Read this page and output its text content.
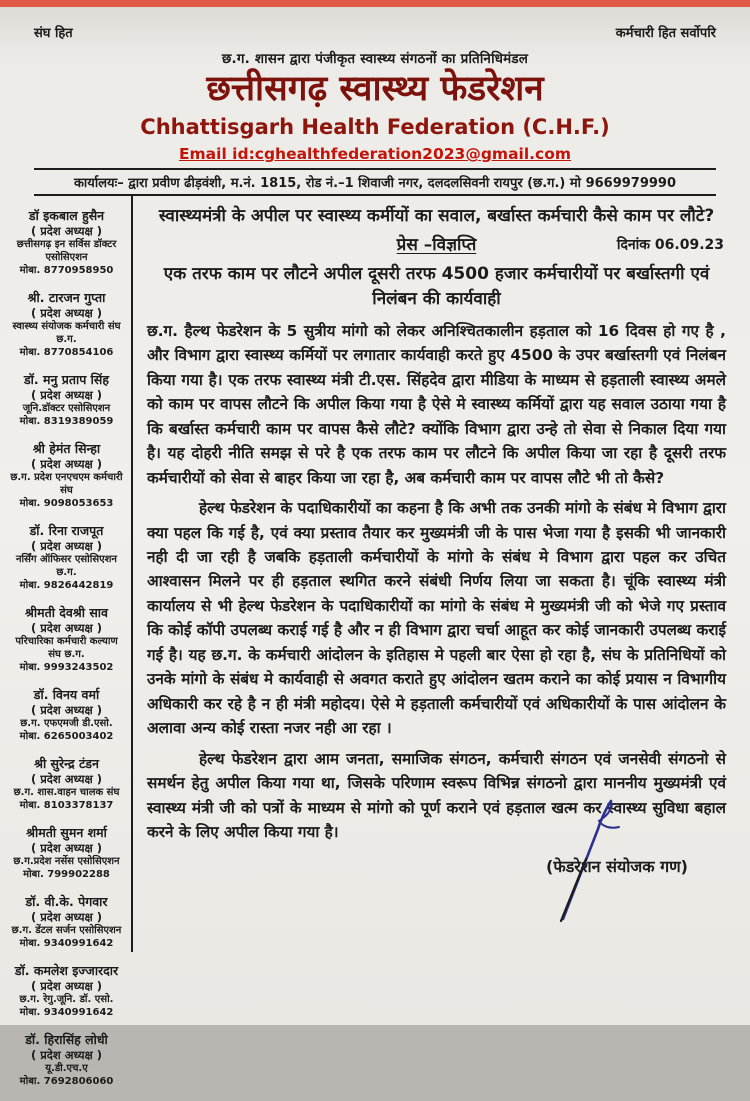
संघ हित	कर्मचारी हित सर्वोपरि
छ.ग. शासन द्वारा पंजीकृत स्वास्थ्य संगठनों का प्रतिनिधिमंडल
छत्तीसगढ़ स्वास्थ्य फेडरेशन
Chhattisgarh Health Federation (C.H.F.)
Email id:cghealthfederation2023@gmail.com
कार्यालयः– द्वारा प्रवीण ढीड़वंशी, म.नं. 1815, रोड नं.–1 शिवाजी नगर, दलदलसिवनी रायपुर (छ.ग.) मो 9669979990
डॉ इकबाल हुसैन
( प्रदेश अध्यक्ष )
छत्तीसगढ़ इन सर्विस डॉक्टर एसोसिएशन
मोबा. 8770958950
श्री. टारजन गुप्ता
( प्रदेश अध्यक्ष )
स्वास्थ्य संयोजक कर्मचारी संघ छ.ग.
मोबा. 8770854106
डॉ. मनु प्रताप सिंह
( प्रदेश अध्यक्ष )
जूनि.डॉक्टर एसोसिएशन
मोबा. 8319389059
श्री हेमंत सिन्हा
( प्रदेश अध्यक्ष )
छ.ग. प्रदेश एनएचएम कर्मचारी संघ
मोबा. 9098053653
डॉ. रिना राजपूत
( प्रदेश अध्यक्ष )
नर्सिंग ऑफिसर एसोसिएशन छ.ग.
मोबा. 9826442819
श्रीमती देवश्री साव
( प्रदेश अध्यक्ष )
परिचारिका कर्मचारी कल्याण संघ छ.ग.
मोबा. 9993243502
डॉ. विनय वर्मा
( प्रदेश अध्यक्ष )
छ.ग. एफएमजी डी.एसो.
मोबा. 6265003402
श्री सुरेन्द्र टंडन
( प्रदेश अध्यक्ष )
छ.ग. शास.वाहन चालक संघ
मोबा. 8103378137
श्रीमती सुमन शर्मा
( प्रदेश अध्यक्ष )
छ.ग.प्रदेश नर्सेस एसोसिएशन
मोबा. 799902288
डॉ. वी.के. पेगवार
( प्रदेश अध्यक्ष )
छ.ग. डेंटल सर्जन एसोसिएशन
मोबा. 9340991642
डॉ. कमलेश इज्जारदार
( प्रदेश अध्यक्ष )
छ.ग. रेगु.जूनि. डॉ. एसो.
मोबा. 9340991642
डॉ. हिरासिंह लोधी
( प्रदेश अध्यक्ष )
यू.डी.एच.ए
मोबा. 7692806060
स्वास्थ्यमंत्री के अपील पर स्वास्थ्य कर्मीयों का सवाल, बर्खास्त कर्मचारी कैसे काम पर लौटे?
प्रेस –विज्ञप्ति	दिनांक 06.09.23
एक तरफ काम पर लौटने अपील दूसरी तरफ 4500 हजार कर्मचारीयों पर बर्खास्तगी एवं निलंबन की कार्यवाही

छ.ग. हैल्थ फेडरेशन के 5 सुत्रीय मांगो को लेकर अनिश्चितकालीन हड़ताल को 16 दिवस हो गए है , और विभाग द्वारा स्वास्थ्य कर्मियों पर लगातार कार्यवाही करते हुए 4500 के उपर बर्खास्तगी एवं निलंबन किया गया है। एक तरफ स्वास्थ्य मंत्री टी.एस. सिंहदेव द्वारा मीडिया के माध्यम से हड़ताली स्वास्थ्य अमले को काम पर वापस लौटने कि अपील किया गया है ऐसे मे स्वास्थ्य कर्मियों द्वारा यह सवाल उठाया गया है कि बर्खास्त कर्मचारी काम पर वापस कैसे लौटे? क्योंकि विभाग द्वारा उन्हे तो सेवा से निकाल दिया गया है। यह दोहरी नीति समझ से परे है एक तरफ काम पर लौटने कि अपील किया जा रहा है दूसरी तरफ कर्मचारीयों को सेवा से बाहर किया जा रहा है, अब कर्मचारी काम पर वापस लौटे भी तो कैसे?

हेल्थ फेडरेशन के पदाधिकारीयों का कहना है कि अभी तक उनकी मांगो के संबंध मे विभाग द्वारा क्या पहल कि गई है, एवं क्या प्रस्ताव तैयार कर मुख्यमंत्री जी के पास भेजा गया है इसकी भी जानकारी नही दी जा रही है जबकि हड़ताली कर्मचारीयों के मांगो के संबंध मे विभाग द्वारा पहल कर उचित आश्वासन मिलने पर ही हड़ताल स्थगित करने संबंधी निर्णय लिया जा सकता है। चूंकि स्वास्थ्य मंत्री कार्यालय से भी हेल्थ फेडरेशन के पदाधिकारीयों का मांगो के संबंध मे मुख्यमंत्री जी को भेजे गए प्रस्ताव कि कोई कॉपी उपलब्ध कराई गई है और न ही विभाग द्वारा चर्चा आहूत कर कोई जानकारी उपलब्ध कराई गई है। यह छ.ग. के कर्मचारी आंदोलन के इतिहास मे पहली बार ऐसा हो रहा है, संघ के प्रतिनिधियों को उनके मांगो के संबंध मे कार्यवाही से अवगत कराते हुए आंदोलन खतम कराने का कोई प्रयास न विभागीय अधिकारी कर रहे है न ही मंत्री महोदय। ऐसे मे हड़ताली कर्मचारीयों एवं अधिकारीयों के पास आंदोलन के अलावा अन्य कोई रास्ता नजर नही आ रहा ।

हेल्थ फेडरेशन द्वारा आम जनता, समाजिक संगठन, कर्मचारी संगठन एवं जनसेवी संगठनो से समर्थन हेतु अपील किया गया था, जिसके परिणाम स्वरूप विभिन्न संगठनो द्वारा माननीय मुख्यमंत्री एवं स्वास्थ्य मंत्री जी को पत्रों के माध्यम से मांगो को पूर्ण कराने एवं हड़ताल खत्म कर स्वास्थ्य सुविधा बहाल करने के लिए अपील किया गया है।

(फेडरेशन संयोजक गण)
